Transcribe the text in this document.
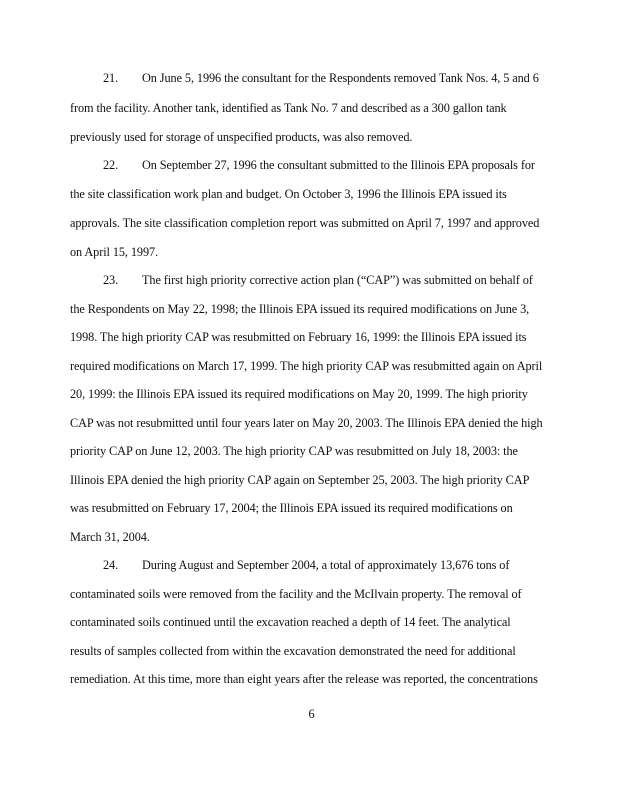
21. On June 5, 1996 the consultant for the Respondents removed Tank Nos. 4, 5 and 6
from the facility. Another tank, identified as Tank No. 7 and described as a 300 gallon tank
previously used for storage of unspecified products, was also removed.
22. On September 27, 1996 the consultant submitted to the Illinois EPA proposals for
the site classification work plan and budget. On October 3, 1996 the Illinois EPA issued its
approvals. The site classification completion report was submitted on April 7, 1997 and approved
on April 15, 1997.
23. The first high priority corrective action plan (“CAP”) was submitted on behalf of
the Respondents on May 22, 1998; the Illinois EPA issued its required modifications on June 3,
1998. The high priority CAP was resubmitted on February 16, 1999: the Illinois EPA issued its
required modifications on March 17, 1999. The high priority CAP was resubmitted again on April
20, 1999: the Illinois EPA issued its required modifications on May 20, 1999. The high priority
CAP was not resubmitted until four years later on May 20, 2003. The Illinois EPA denied the high
priority CAP on June 12, 2003. The high priority CAP was resubmitted on July 18, 2003: the
Illinois EPA denied the high priority CAP again on September 25, 2003. The high priority CAP
was resubmitted on February 17, 2004; the Illinois EPA issued its required modifications on
March 31, 2004.
24. During August and September 2004, a total of approximately 13,676 tons of
contaminated soils were removed from the facility and the McIlvain property. The removal of
contaminated soils continued until the excavation reached a depth of 14 feet. The analytical
results of samples collected from within the excavation demonstrated the need for additional
remediation. At this time, more than eight years after the release was reported, the concentrations
6
